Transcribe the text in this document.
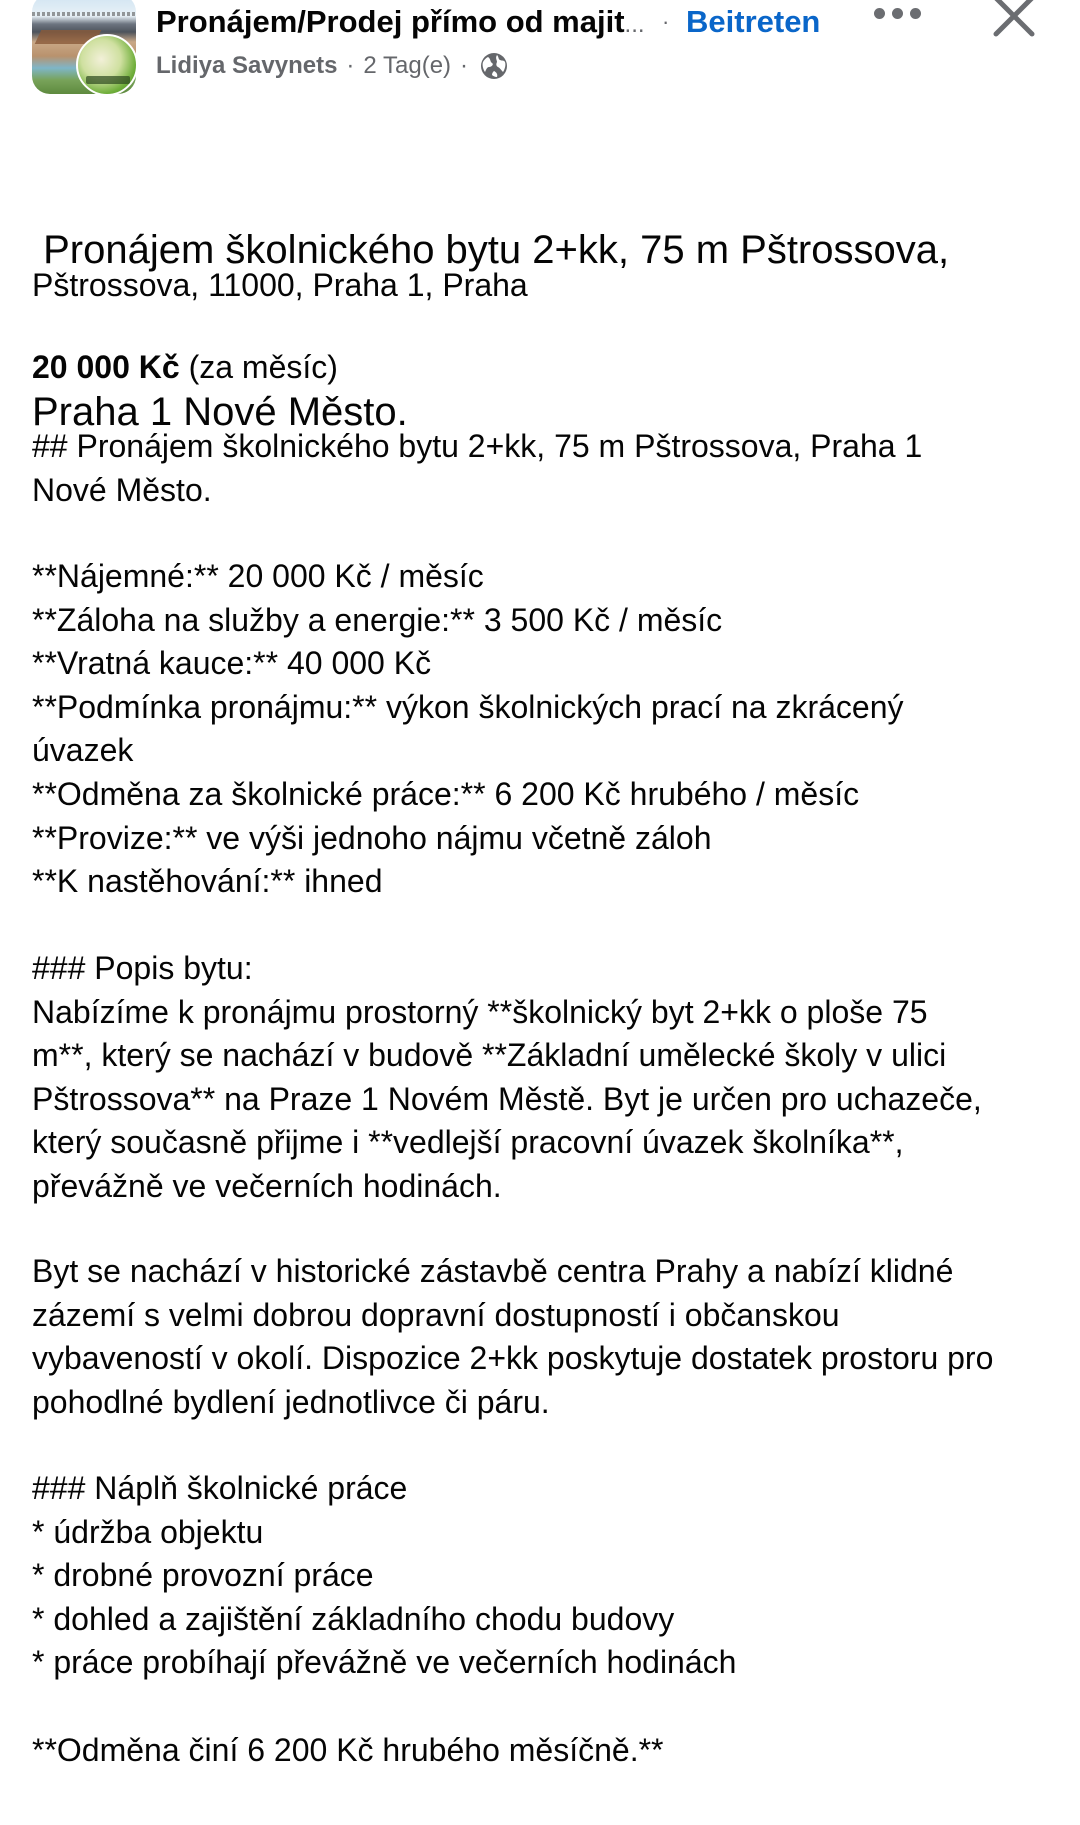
Pronájem/Prodej přímo od majit... · Beitreten
Lidiya Savynets · 2 Tag(e) ·

Pronájem školnického bytu 2+kk, 75 m Pštrossova,

Praha 1 Nové Město.

Pštrossova, 11000, Praha 1, Praha
20 000 Kč (za měsíc)
## Pronájem školnického bytu 2+kk, 75 m Pštrossova, Praha 1
Nové Město.
**Nájemné:** 20 000 Kč / měsíc
**Záloha na služby a energie:** 3 500 Kč / měsíc
**Vratná kauce:** 40 000 Kč
**Podmínka pronájmu:** výkon školnických prací na zkrácený
úvazek
**Odměna za školnické práce:** 6 200 Kč hrubého / měsíc
**Provize:** ve výši jednoho nájmu včetně záloh
**K nastěhování:** ihned
### Popis bytu:
Nabízíme k pronájmu prostorný **školnický byt 2+kk o ploše 75
m**, který se nachází v budově **Základní umělecké školy v ulici
Pštrossova** na Praze 1 Novém Městě. Byt je určen pro uchazeče,
který současně přijme i **vedlejší pracovní úvazek školníka**,
převážně ve večerních hodinách.
Byt se nachází v historické zástavbě centra Prahy a nabízí klidné
zázemí s velmi dobrou dopravní dostupností i občanskou
vybaveností v okolí. Dispozice 2+kk poskytuje dostatek prostoru pro
pohodlné bydlení jednotlivce či páru.
### Náplň školnické práce
* údržba objektu
* drobné provozní práce
* dohled a zajištění základního chodu budovy
* práce probíhají převážně ve večerních hodinách
**Odměna činí 6 200 Kč hrubého měsíčně.**
